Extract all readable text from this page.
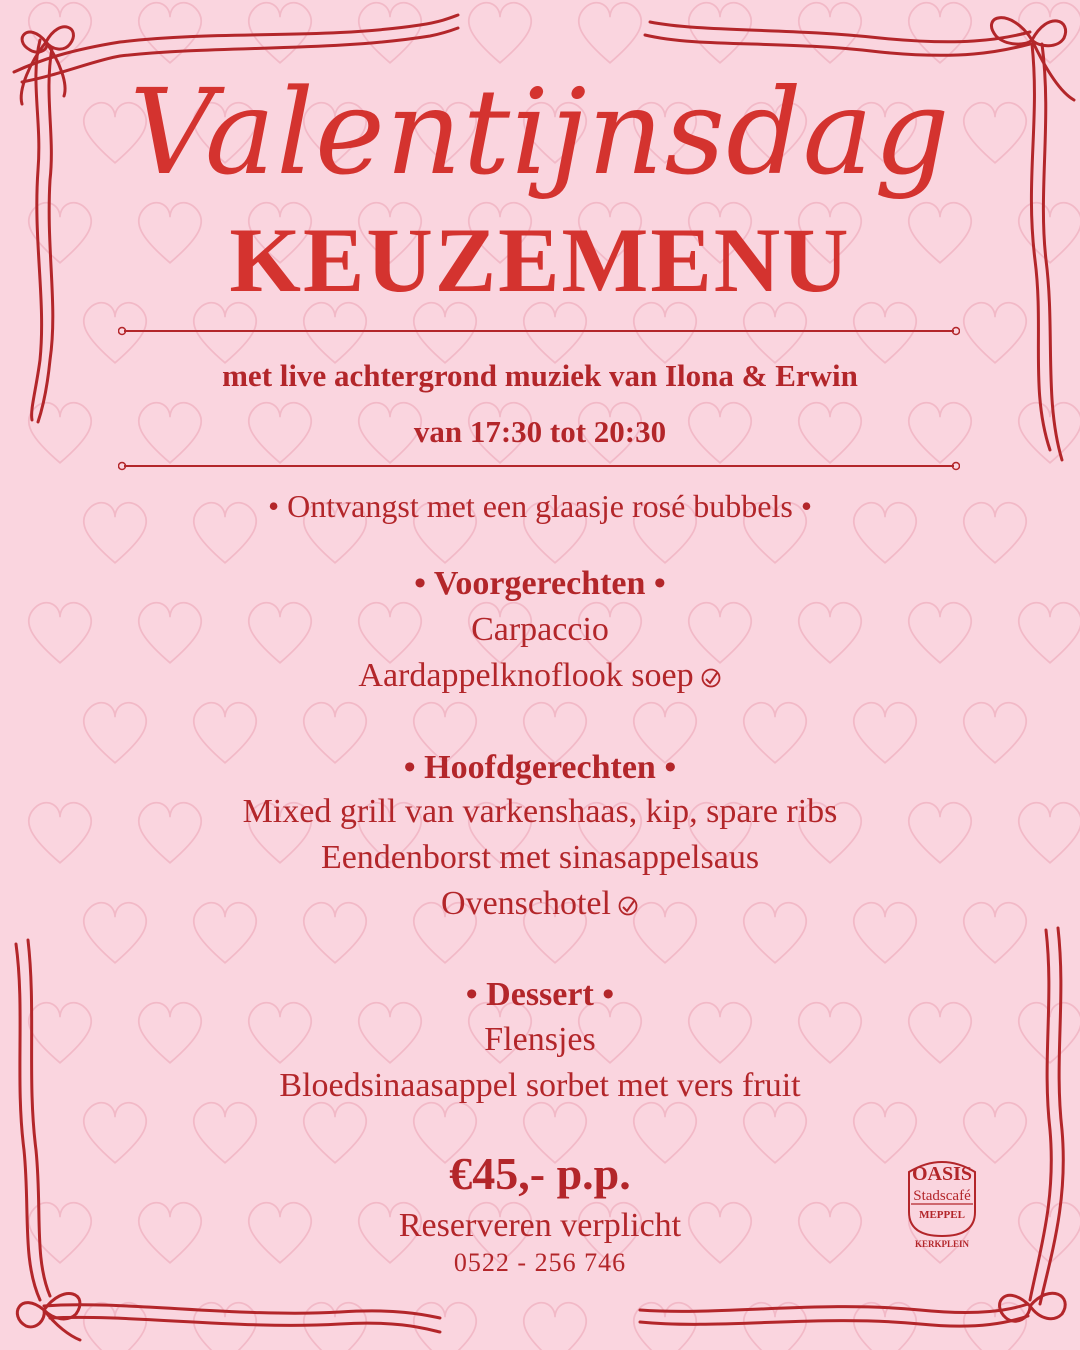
Valentijnsdag
KEUZEMENU
met live achtergrond muziek van Ilona & Erwin
van 17:30 tot 20:30
• Ontvangst met een glaasje rosé bubbels •
• Voorgerechten •
Carpaccio
Aardappelknoflook soep
• Hoofdgerechten •
Mixed grill van varkenshaas, kip, spare ribs
Eendenborst met sinasappelsaus
Ovenschotel
• Dessert •
Flensjes
Bloedsinaasappel sorbet met vers fruit
€45,- p.p.
Reserveren verplicht
0522 - 256 746
OASIS
Stadscafé
MEPPEL
KERKPLEIN
